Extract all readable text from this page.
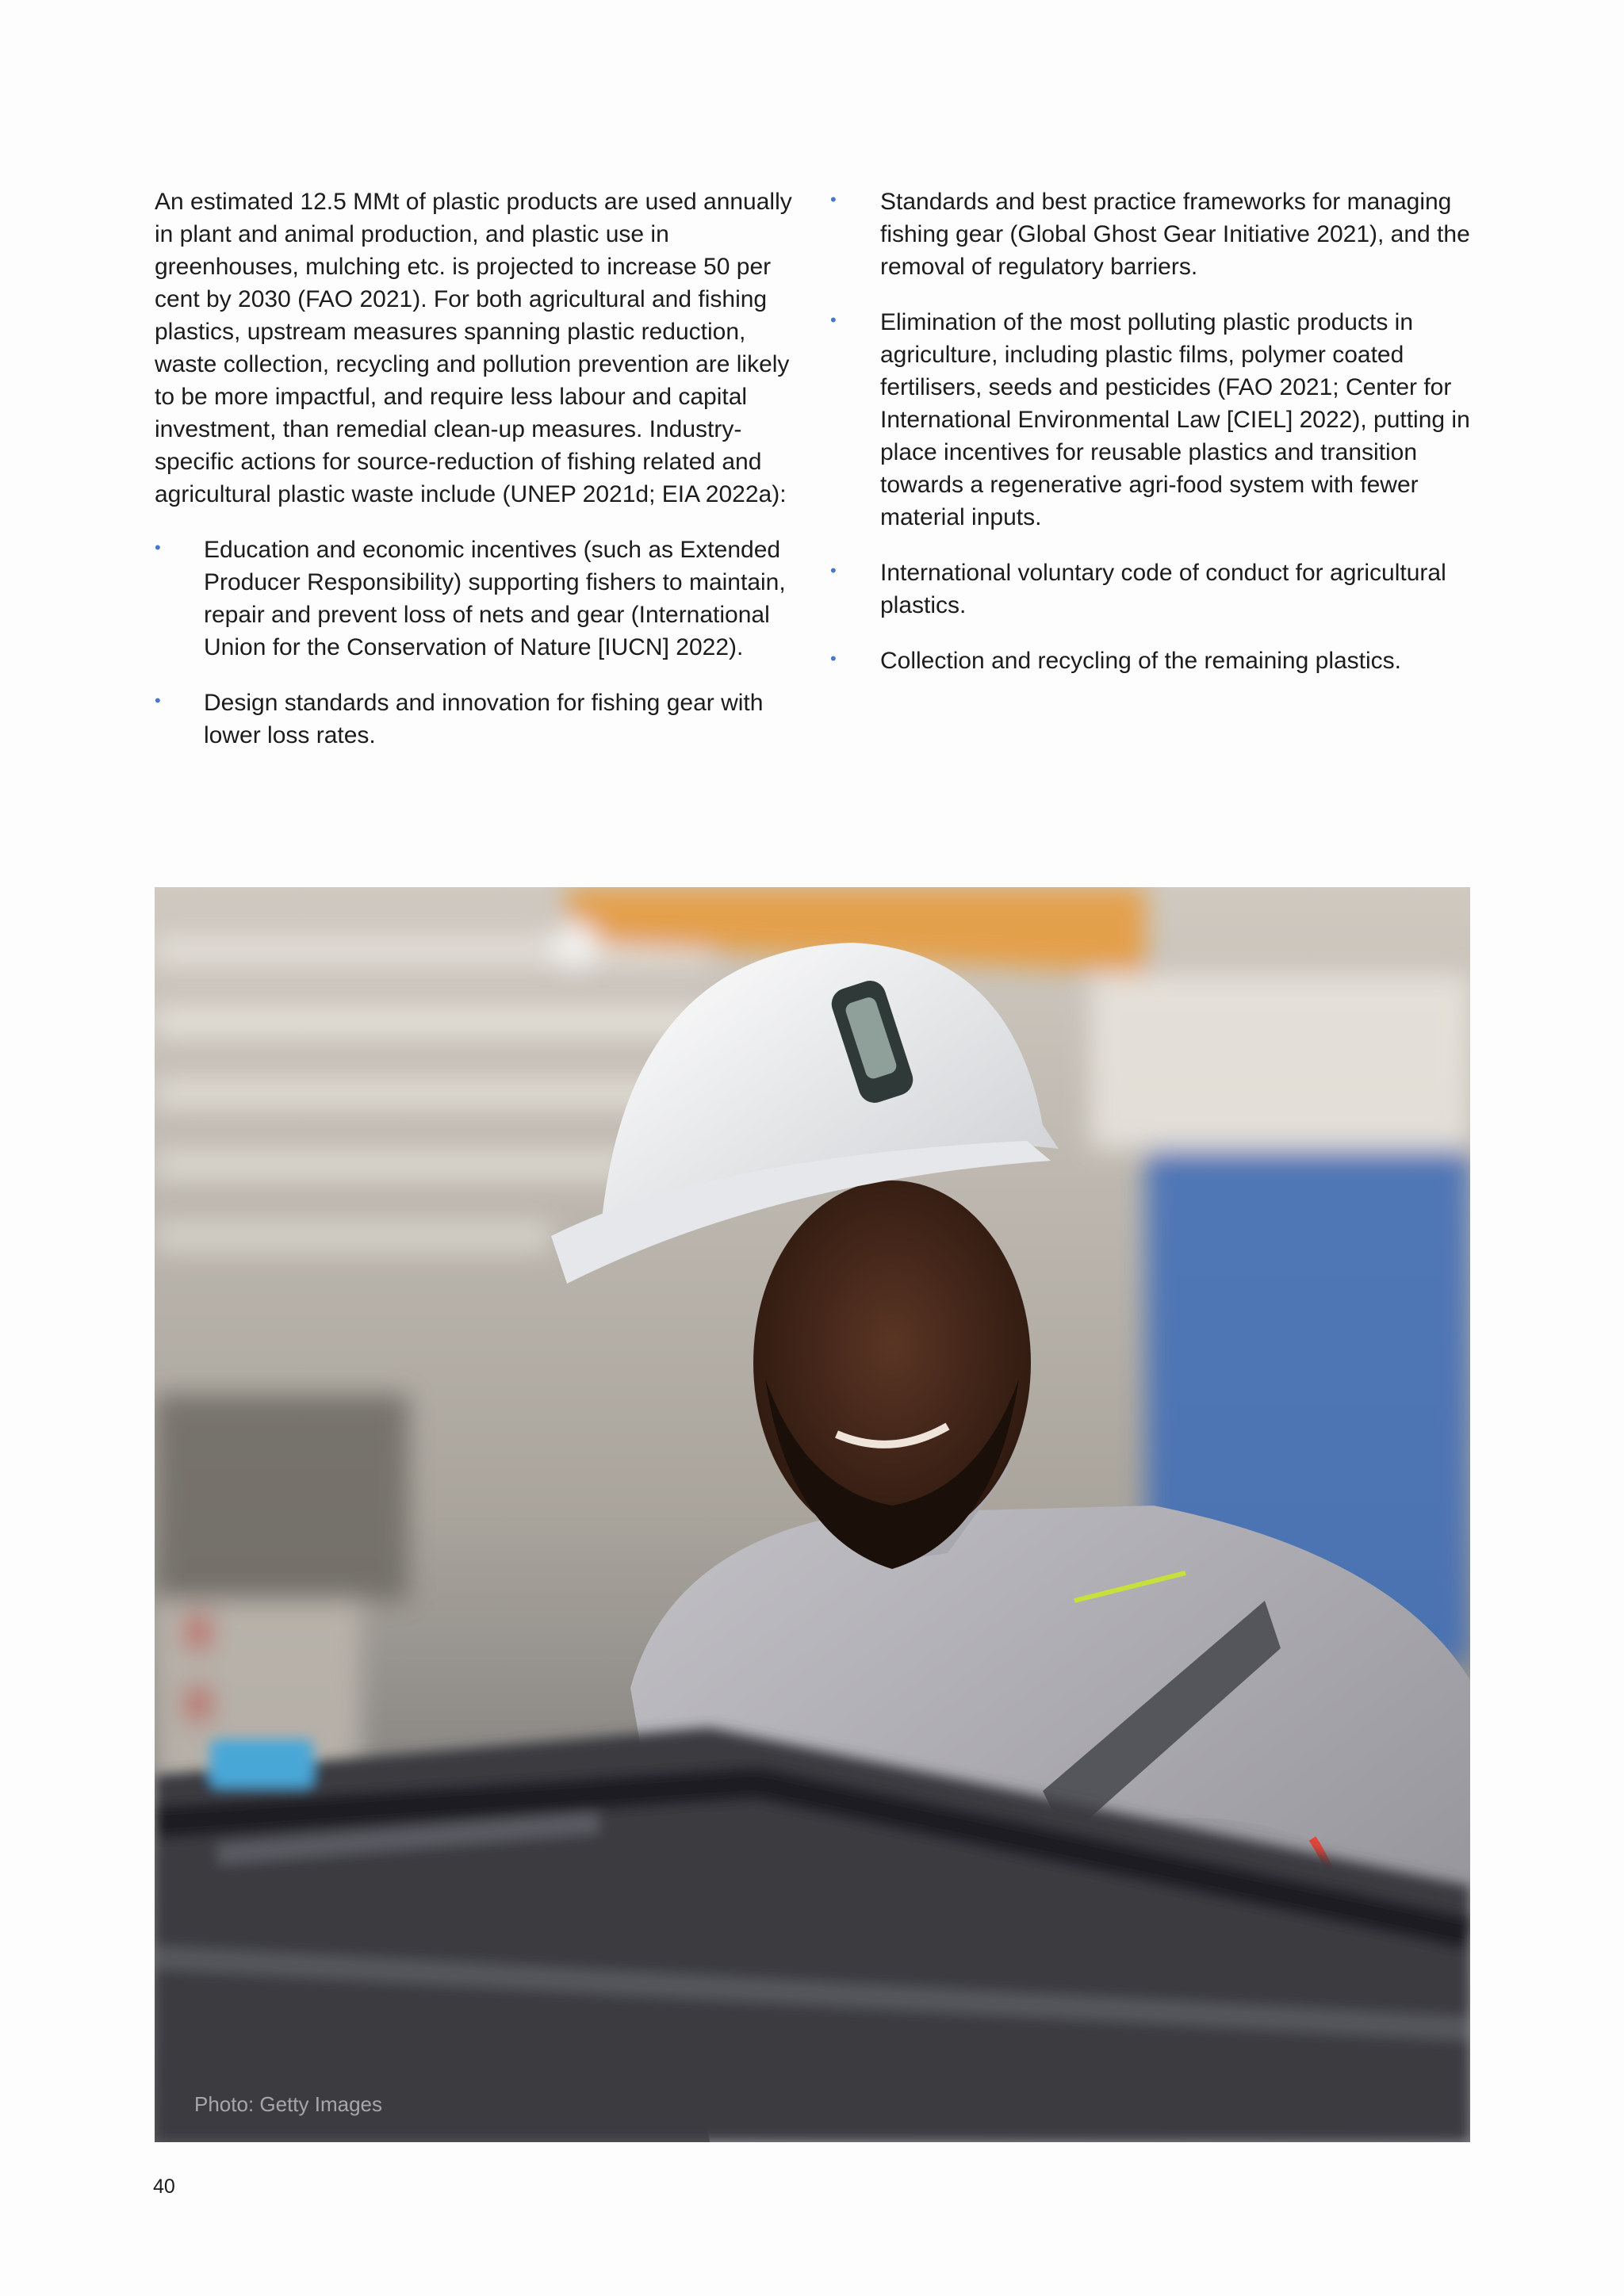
An estimated 12.5 MMt of plastic products are used annually in plant and animal production, and plastic use in greenhouses, mulching etc. is projected to increase 50 per cent by 2030 (FAO 2021). For both agricultural and fishing plastics, upstream measures spanning plastic reduction, waste collection, recycling and pollution prevention are likely to be more impactful, and require less labour and capital investment, than remedial clean-up measures. Industry-specific actions for source-reduction of fishing related and agricultural plastic waste include (UNEP 2021d; EIA 2022a):

• Education and economic incentives (such as Extended Producer Responsibility) supporting fishers to maintain, repair and prevent loss of nets and gear (International Union for the Conservation of Nature [IUCN] 2022).
• Design standards and innovation for fishing gear with lower loss rates.
• Standards and best practice frameworks for managing fishing gear (Global Ghost Gear Initiative 2021), and the removal of regulatory barriers.
• Elimination of the most polluting plastic products in agriculture, including plastic films, polymer coated fertilisers, seeds and pesticides (FAO 2021; Center for International Environmental Law [CIEL] 2022), putting in place incentives for reusable plastics and transition towards a regenerative agri-food system with fewer material inputs.
• International voluntary code of conduct for agricultural plastics.
• Collection and recycling of the remaining plastics.
Photo: Getty Images
40
